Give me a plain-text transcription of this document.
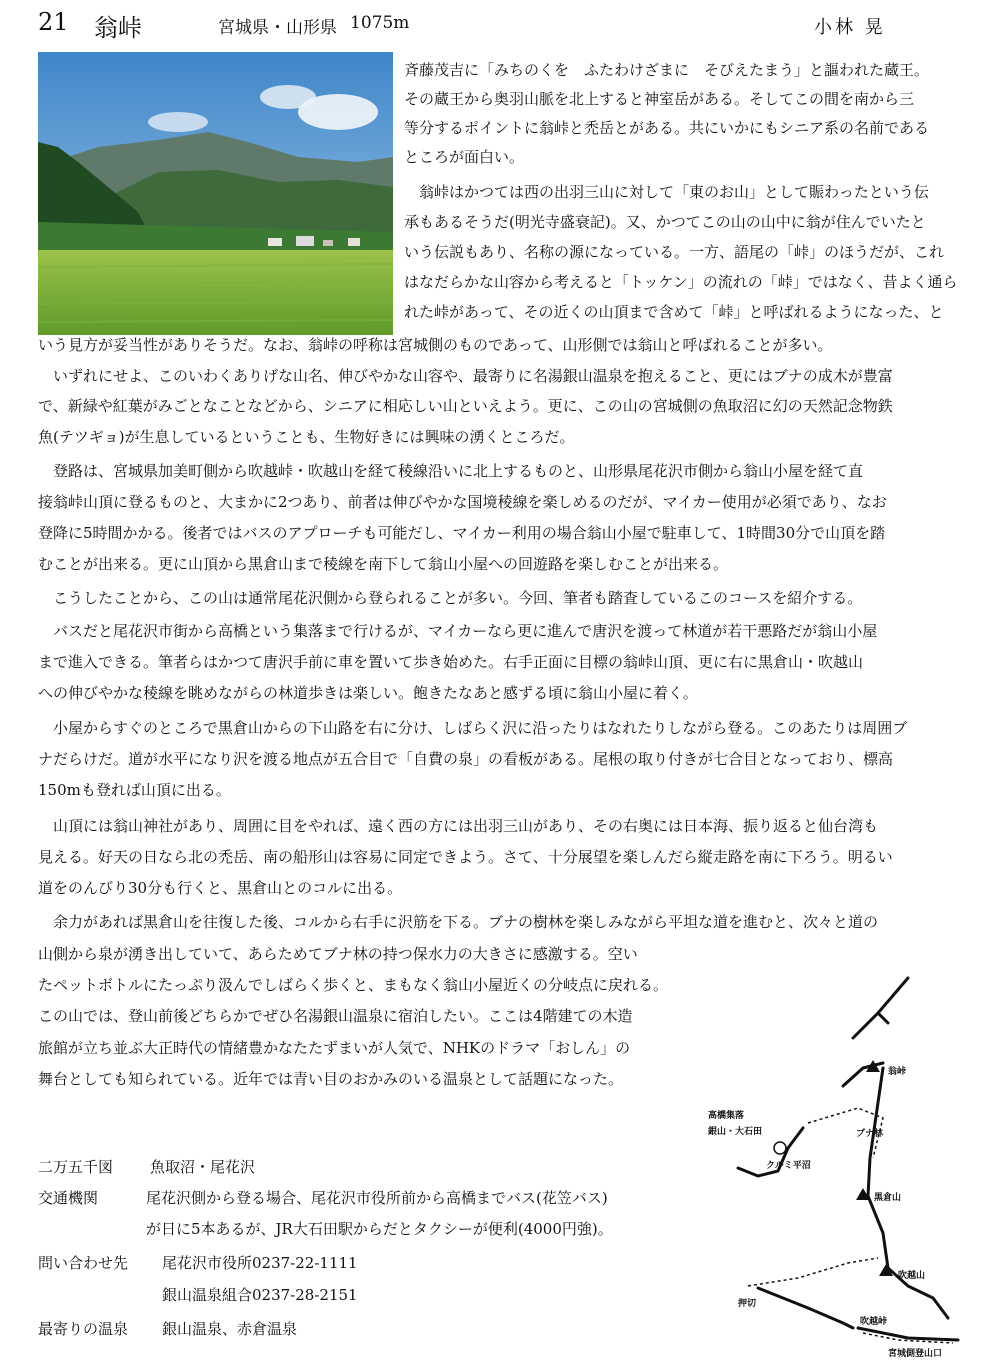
21 翁峠	宮城県・山形県 1075m	小林 晃
斉藤茂吉に「みちのくを　ふたわけざまに　そびえたまう」と謳われた蔵王。
その蔵王から奥羽山脈を北上すると神室岳がある。そしてこの間を南から三
等分するポイントに翁峠と禿岳とがある。共にいかにもシニア系の名前である
ところが面白い。
　翁峠はかつては西の出羽三山に対して「東のお山」として賑わったという伝
承もあるそうだ(明光寺盛衰記)。又、かつてこの山の山中に翁が住んでいたと
いう伝説もあり、名称の源になっている。一方、語尾の「峠」のほうだが、これ
はなだらかな山容から考えると「トッケン」の流れの「峠」ではなく、昔よく通ら
れた峠があって、その近くの山頂まで含めて「峠」と呼ばれるようになった、と
いう見方が妥当性がありそうだ。なお、翁峠の呼称は宮城側のものであって、山形側では翁山と呼ばれることが多い。
　いずれにせよ、このいわくありげな山名、伸びやかな山容や、最寄りに名湯銀山温泉を抱えること、更にはブナの成木が豊富
で、新緑や紅葉がみごとなことなどから、シニアに相応しい山といえよう。更に、この山の宮城側の魚取沼に幻の天然記念物鉄
魚(テツギョ)が生息しているということも、生物好きには興味の湧くところだ。
　登路は、宮城県加美町側から吹越峠・吹越山を経て稜線沿いに北上するものと、山形県尾花沢市側から翁山小屋を経て直
接翁峠山頂に登るものと、大まかに2つあり、前者は伸びやかな国境稜線を楽しめるのだが、マイカー使用が必須であり、なお
登降に5時間かかる。後者ではバスのアプローチも可能だし、マイカー利用の場合翁山小屋で駐車して、1時間30分で山頂を踏
むことが出来る。更に山頂から黒倉山まで稜線を南下して翁山小屋への回遊路を楽しむことが出来る。
　こうしたことから、この山は通常尾花沢側から登られることが多い。今回、筆者も踏査しているこのコースを紹介する。
　バスだと尾花沢市街から高橋という集落まで行けるが、マイカーなら更に進んで唐沢を渡って林道が若干悪路だが翁山小屋
まで進入できる。筆者らはかつて唐沢手前に車を置いて歩き始めた。右手正面に目標の翁峠山頂、更に右に黒倉山・吹越山
への伸びやかな稜線を眺めながらの林道歩きは楽しい。飽きたなあと感ずる頃に翁山小屋に着く。
　小屋からすぐのところで黒倉山からの下山路を右に分け、しばらく沢に沿ったりはなれたりしながら登る。このあたりは周囲ブ
ナだらけだ。道が水平になり沢を渡る地点が五合目で「自費の泉」の看板がある。尾根の取り付きが七合目となっており、標高
150mも登れば山頂に出る。
　山頂には翁山神社があり、周囲に目をやれば、遠く西の方には出羽三山があり、その右奥には日本海、振り返ると仙台湾も
見える。好天の日なら北の禿岳、南の船形山は容易に同定できよう。さて、十分展望を楽しんだら縦走路を南に下ろう。明るい
道をのんびり30分も行くと、黒倉山とのコルに出る。
　余力があれば黒倉山を往復した後、コルから右手に沢筋を下る。ブナの樹林を楽しみながら平坦な道を進むと、次々と道の
山側から泉が湧き出していて、あらためてブナ林の持つ保水力の大きさに感激する。空い
たペットボトルにたっぷり汲んでしばらく歩くと、まもなく翁山小屋近くの分岐点に戻れる。
この山では、登山前後どちらかでぜひ名湯銀山温泉に宿泊したい。ここは4階建ての木造
旅館が立ち並ぶ大正時代の情緒豊かなたたずまいが人気で、NHKのドラマ「おしん」の
舞台としても知られている。近年では青い目のおかみのいる温泉として話題になった。
二万五千図 魚取沼・尾花沢
交通機関	尾花沢側から登る場合、尾花沢市役所前から高橋までバス(花笠バス)
が日に5本あるが、JR大石田駅からだとタクシーが便利(4000円強)。
問い合わせ先 尾花沢市役所0237-22-1111
銀山温泉組合0237-28-2151
最寄りの温泉 銀山温泉、赤倉温泉
翁峠
高橋集落
銀山・大石田	ブナ林
黒倉山
クルミ平沼
吹越山
押切
吹越峠
宮城側登山口
